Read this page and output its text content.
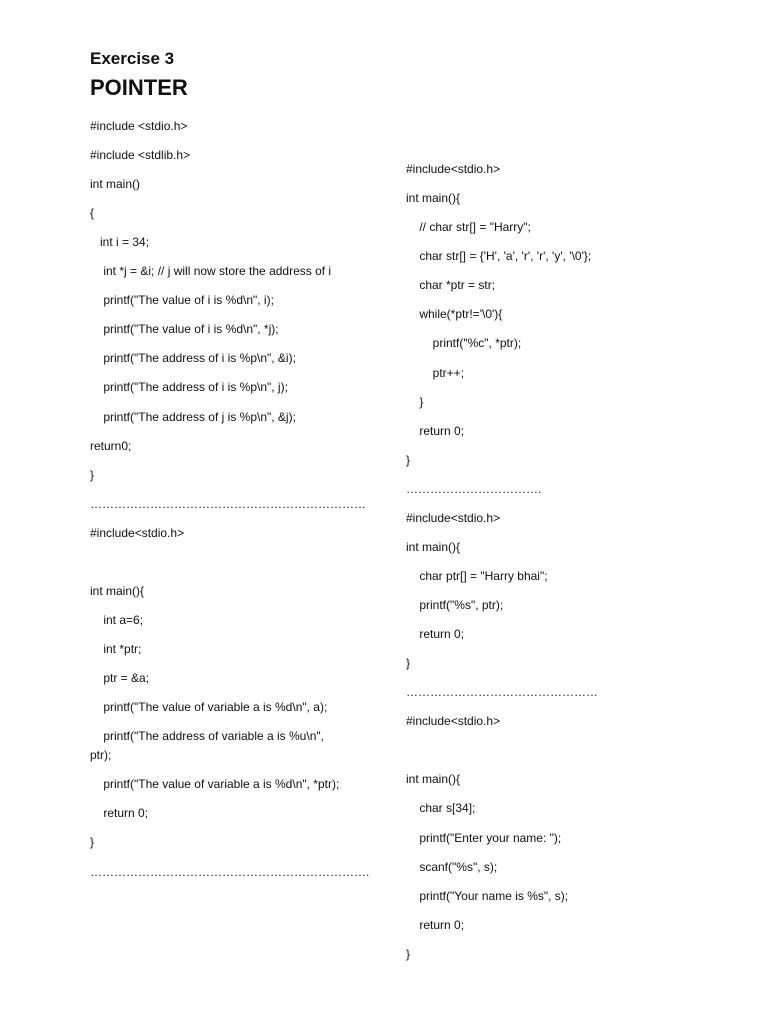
Exercise 3
POINTER
#include <stdio.h>
#include <stdlib.h>
int main()
{
int i = 34;
int *j = &i; // j will now store the address of i
printf("The value of i is %d\n", i);
printf("The value of i is %d\n", *j);
printf("The address of i is %p\n", &i);
printf("The address of i is %p\n", j);
printf("The address of j is %p\n", &j);
return0;
}
……………………………………………………………
#include<stdio.h>
int main(){
int a=6;
int *ptr;
ptr = &a;
printf("The value of variable a is %d\n", a);
printf("The address of variable a is %u\n",
ptr);
printf("The value of variable a is %d\n", *ptr);
return 0;
}
…………………………………………………………….
#include<stdio.h>
int main(){
// char str[] = "Harry";
char str[] = {'H', 'a', 'r', 'r', 'y', '\0'};
char *ptr = str;
while(*ptr!='\0'){
printf("%c", *ptr);
ptr++;
}
return 0;
}
…………………………….
#include<stdio.h>
int main(){
char ptr[] = "Harry bhai";
printf("%s", ptr);
return 0;
}
…………………………………………
#include<stdio.h>
int main(){
char s[34];
printf("Enter your name: ");
scanf("%s", s);
printf("Your name is %s", s);
return 0;
}
